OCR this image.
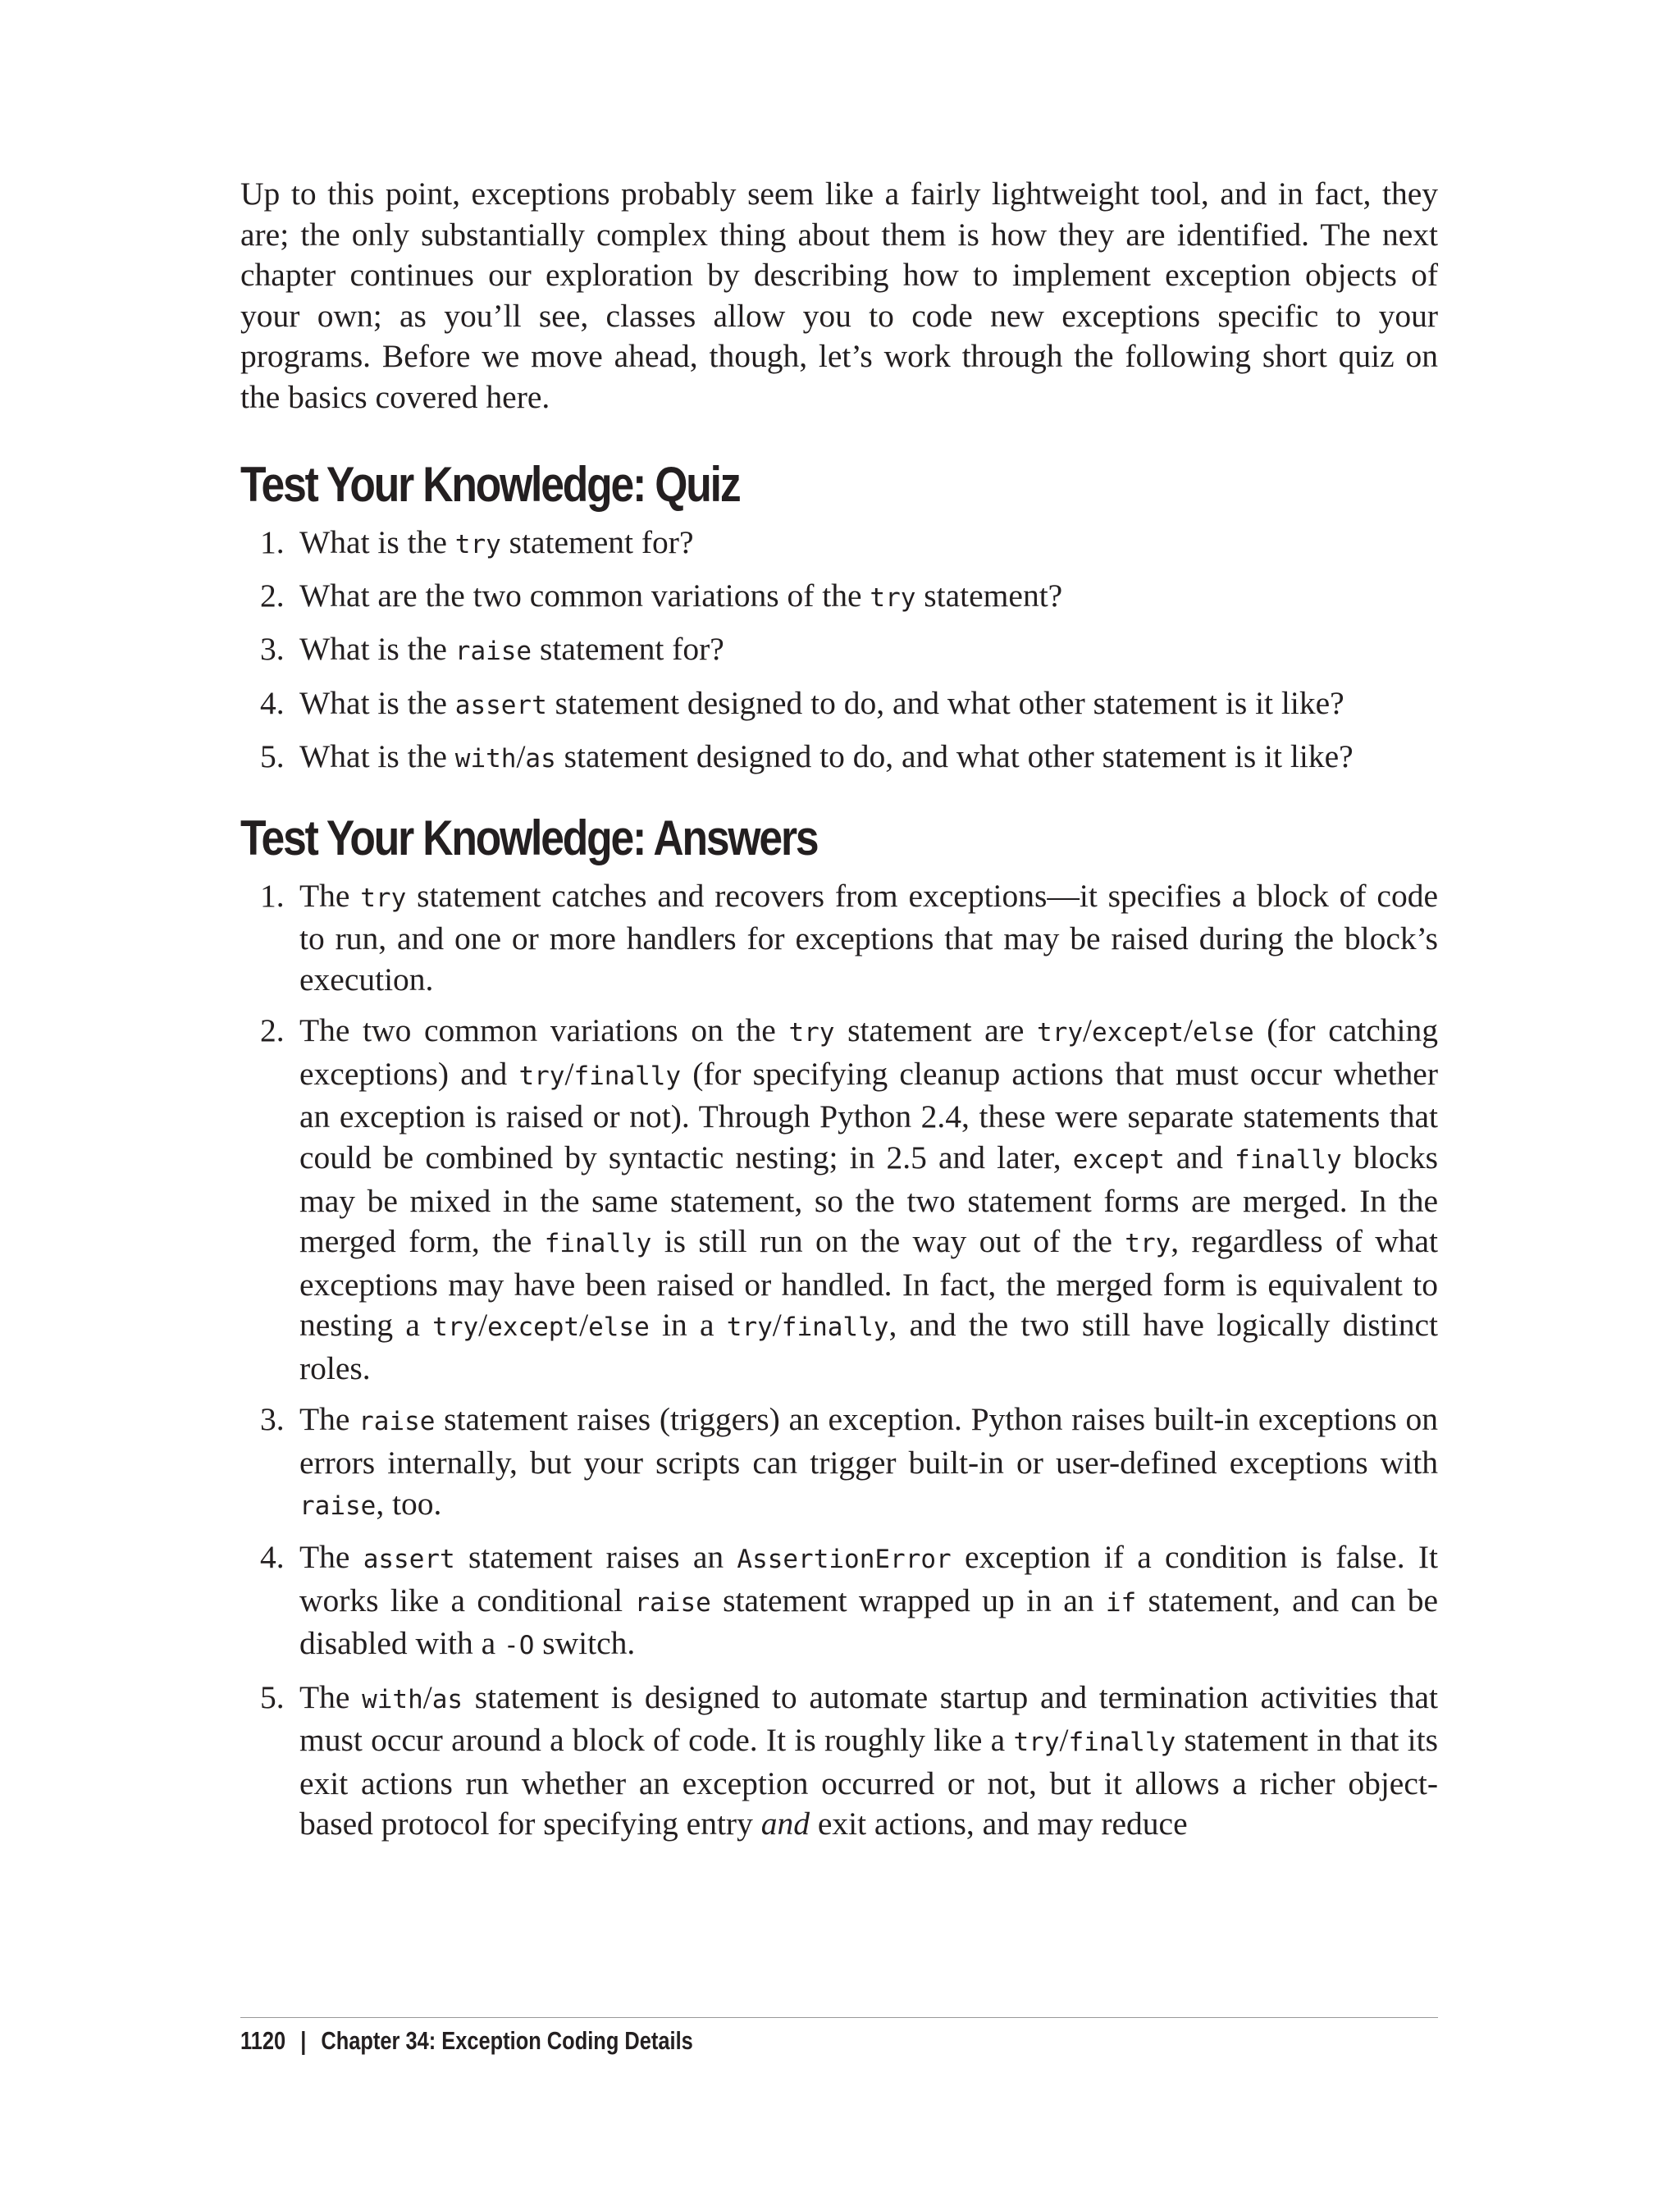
Up to this point, exceptions probably seem like a fairly lightweight tool, and in fact, they are; the only substantially complex thing about them is how they are identified. The next chapter continues our exploration by describing how to implement exception objects of your own; as you’ll see, classes allow you to code new exceptions specific to your programs. Before we move ahead, though, let’s work through the following short quiz on the basics covered here.

Test Your Knowledge: Quiz
1. What is the try statement for?
2. What are the two common variations of the try statement?
3. What is the raise statement for?
4. What is the assert statement designed to do, and what other statement is it like?
5. What is the with/as statement designed to do, and what other statement is it like?
Test Your Knowledge: Answers
1. The try statement catches and recovers from exceptions—it specifies a block of code to run, and one or more handlers for exceptions that may be raised during the block’s execution.
2. The two common variations on the try statement are try/except/else (for catching exceptions) and try/finally (for specifying cleanup actions that must occur whether an exception is raised or not). Through Python 2.4, these were separate statements that could be combined by syntactic nesting; in 2.5 and later, except and finally blocks may be mixed in the same statement, so the two statement forms are merged. In the merged form, the finally is still run on the way out of the try, regardless of what exceptions may have been raised or handled. In fact, the merged form is equivalent to nesting a try/except/else in a try/finally, and the two still have logically distinct roles.
3. The raise statement raises (triggers) an exception. Python raises built-in exceptions on errors internally, but your scripts can trigger built-in or user-defined exceptions with raise, too.
4. The assert statement raises an AssertionError exception if a condition is false. It works like a conditional raise statement wrapped up in an if statement, and can be disabled with a -O switch.
5. The with/as statement is designed to automate startup and termination activities that must occur around a block of code. It is roughly like a try/finally statement in that its exit actions run whether an exception occurred or not, but it allows a richer object-based protocol for specifying entry and exit actions, and may reduce
1120 | Chapter 34: Exception Coding Details
